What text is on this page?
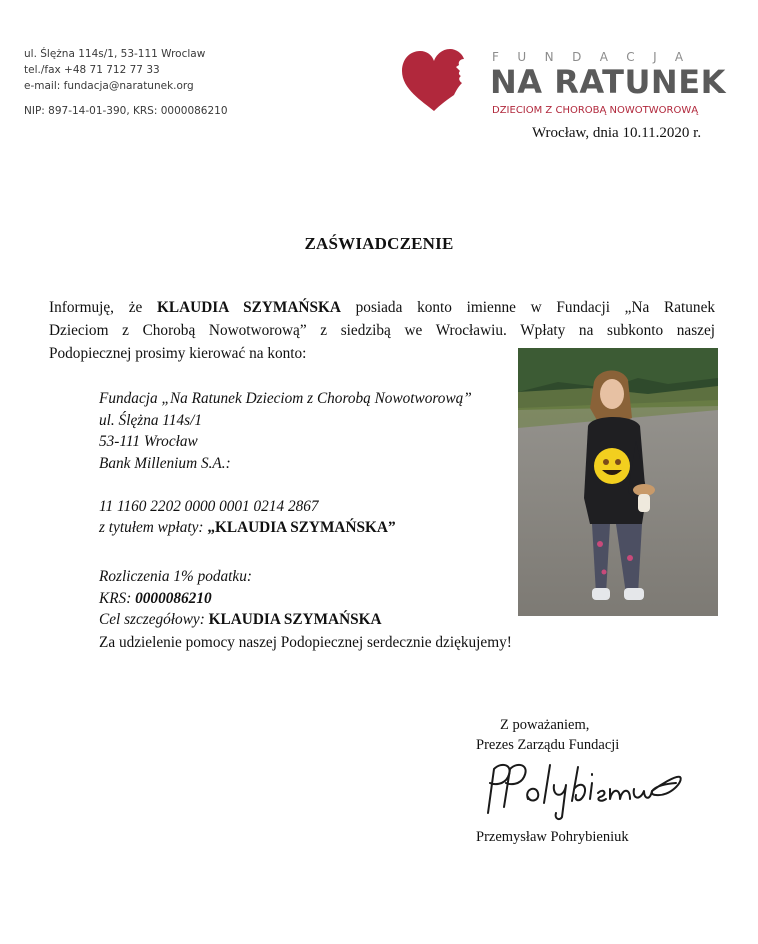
ul. Ślężna 114s/1, 53-111 Wroclaw
tel./fax +48 71 712 77 33
e-mail: fundacja@naratunek.org
NIP: 897-14-01-390, KRS: 0000086210
FUNDACJA
NA RATUNEK
DZIECIOM Z CHOROBĄ NOWOTWOROWĄ
Wrocław, dnia 10.11.2020 r.
ZAŚWIADCZENIE

Informuję, że KLAUDIA SZYMAŃSKA posiada konto imienne w Fundacji „Na Ratunek

Dzieciom z Chorobą Nowotworową” z siedzibą we Wrocławiu. Wpłaty na subkonto naszej

Podopiecznej prosimy kierować na konto:

Fundacja „Na Ratunek Dzieciom z Chorobą Nowotworową”
ul. Ślężna 114s/1
53-111 Wrocław
Bank Millenium S.A.:
11 1160 2202 0000 0001 0214 2867
z tytułem wpłaty: „KLAUDIA SZYMAŃSKA”
Rozliczenia 1% podatku:
KRS: 0000086210
Cel szczegółowy: KLAUDIA SZYMAŃSKA
Za udzielenie pomocy naszej Podopiecznej serdecznie dziękujemy!
Z poważaniem,
Prezes Zarządu Fundacji
Przemysław Pohrybieniuk
